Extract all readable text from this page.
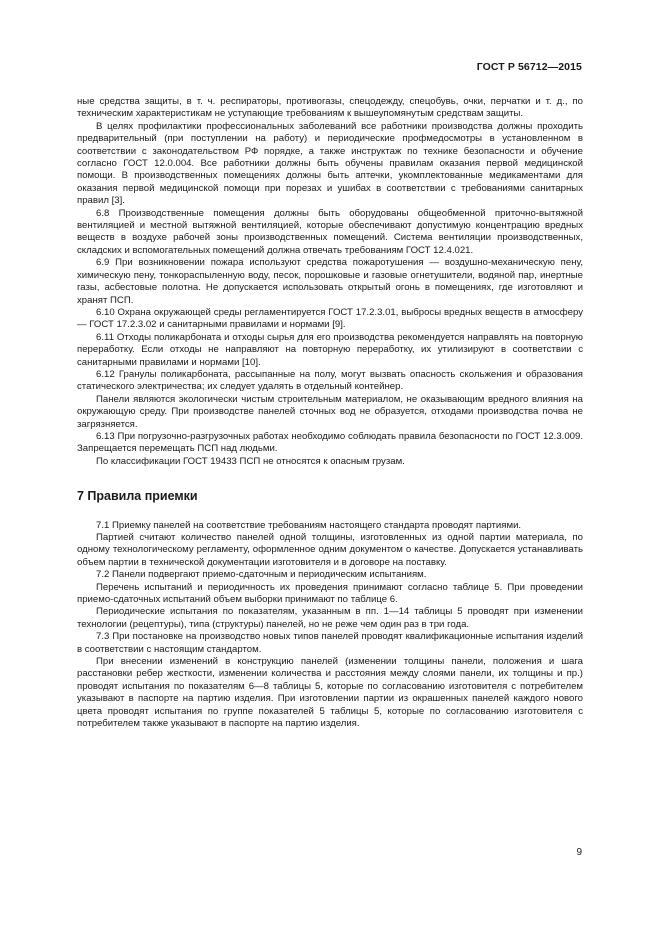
ГОСТ Р 56712—2015

ные средства защиты, в т. ч. респираторы, противогазы, спецодежду, спецобувь, очки, перчатки и т. д., по техническим характеристикам не уступающие требованиям к вышеупомянутым средствам защиты.

В целях профилактики профессиональных заболеваний все работники производства должны проходить предварительный (при поступлении на работу) и периодические профмедосмотры в установленном в соответствии с законодательством РФ порядке, а также инструктаж по технике безопасности и обучение согласно ГОСТ 12.0.004. Все работники должны быть обучены правилам оказания первой медицинской помощи. В производственных помещениях должны быть аптечки, укомплектованные медикаментами для оказания первой медицинской помощи при порезах и ушибах в соответствии с требованиями санитарных правил [3].

6.8 Производственные помещения должны быть оборудованы общеобменной приточно-вытяжной вентиляцией и местной вытяжной вентиляцией, которые обеспечивают допустимую концентрацию вредных веществ в воздухе рабочей зоны производственных помещений. Система вентиляции производственных, складских и вспомогательных помещений должна отвечать требованиям ГОСТ 12.4.021.

6.9 При возникновении пожара используют средства пожаротушения — воздушно-механическую пену, химическую пену, тонкораспыленную воду, песок, порошковые и газовые огнетушители, водяной пар, инертные газы, асбестовые полотна. Не допускается использовать открытый огонь в помещениях, где изготовляют и хранят ПСП.

6.10 Охрана окружающей среды регламентируется ГОСТ 17.2.3.01, выбросы вредных веществ в атмосферу — ГОСТ 17.2.3.02 и санитарными правилами и нормами [9].

6.11 Отходы поликарбоната и отходы сырья для его производства рекомендуется направлять на повторную переработку. Если отходы не направляют на повторную переработку, их утилизируют в соответствии с санитарными правилами и нормами [10].

6.12 Гранулы поликарбоната, рассыпанные на полу, могут вызвать опасность скольжения и образования статического электричества; их следует удалять в отдельный контейнер.

Панели являются экологически чистым строительным материалом, не оказывающим вредного влияния на окружающую среду. При производстве панелей сточных вод не образуется, отходами производства почва не загрязняется.

6.13 При погрузочно-разгрузочных работах необходимо соблюдать правила безопасности по ГОСТ 12.3.009. Запрещается перемещать ПСП над людьми.

По классификации ГОСТ 19433 ПСП не относятся к опасным грузам.

7 Правила приемки

7.1 Приемку панелей на соответствие требованиям настоящего стандарта проводят партиями.

Партией считают количество панелей одной толщины, изготовленных из одной партии материала, по одному технологическому регламенту, оформленное одним документом о качестве. Допускается устанавливать объем партии в технической документации изготовителя и в договоре на поставку.

7.2 Панели подвергают приемо-сдаточным и периодическим испытаниям.

Перечень испытаний и периодичность их проведения принимают согласно таблице 5. При проведении приемо-сдаточных испытаний объем выборки принимают по таблице 6.

Периодические испытания по показателям, указанным в пп. 1—14 таблицы 5 проводят при изменении технологии (рецептуры), типа (структуры) панелей, но не реже чем один раз в три года.

7.3 При постановке на производство новых типов панелей проводят квалификационные испытания изделий в соответствии с настоящим стандартом.

При внесении изменений в конструкцию панелей (изменении толщины панели, положения и шага расстановки ребер жесткости, изменении количества и расстояния между слоями панели, их толщины и пр.) проводят испытания по показателям 6—8 таблицы 5, которые по согласованию изготовителя с потребителем указывают в паспорте на партию изделия. При изготовлении партии из окрашенных панелей каждого нового цвета проводят испытания по группе показателей 5 таблицы 5, которые по согласованию изготовителя с потребителем также указывают в паспорте на партию изделия.

9
